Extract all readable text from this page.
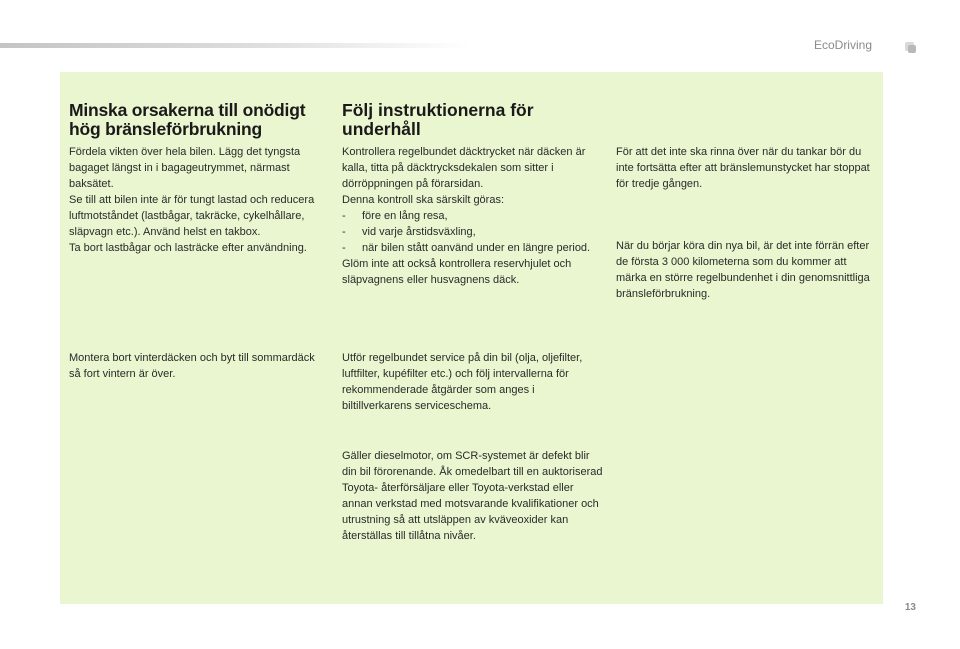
EcoDriving
Minska orsakerna till onödigt hög bränsleförbrukning

Fördela vikten över hela bilen. Lägg det tyngsta bagaget längst in i bagageutrymmet, närmast baksätet.

Se till att bilen inte är för tungt lastad och reducera luftmotståndet (lastbågar, takräcke, cykelhållare, släpvagn etc.). Använd helst en takbox.

Ta bort lastbågar och lasträcke efter användning.

Montera bort vinterdäcken och byt till sommardäck så fort vintern är över.

Följ instruktionerna för underhåll

Kontrollera regelbundet däcktrycket när däcken är kalla, titta på däcktrycksdekalen som sitter i dörröppningen på förarsidan.

Denna kontroll ska särskilt göras:

- före en lång resa,
- vid varje årstidsväxling,
- när bilen stått oanvänd under en längre period.

Glöm inte att också kontrollera reservhjulet och släpvagnens eller husvagnens däck.

Utför regelbundet service på din bil (olja, oljefilter, luftfilter, kupéfilter etc.) och följ intervallerna för rekommenderade åtgärder som anges i biltillverkarens serviceschema.

Gäller dieselmotor, om SCR-systemet är defekt blir din bil förorenande. Åk omedelbart till en auktoriserad Toyota- återförsäljare eller Toyota-verkstad eller annan verkstad med motsvarande kvalifikationer och utrustning så att utsläppen av kväveoxider kan återställas till tillåtna nivåer.

För att det inte ska rinna över när du tankar bör du inte fortsätta efter att bränslemunstycket har stoppat för tredje gången.

När du börjar köra din nya bil, är det inte förrän efter de första 3 000 kilometerna som du kommer att märka en större regelbundenhet i din genomsnittliga bränsleförbrukning.

13
